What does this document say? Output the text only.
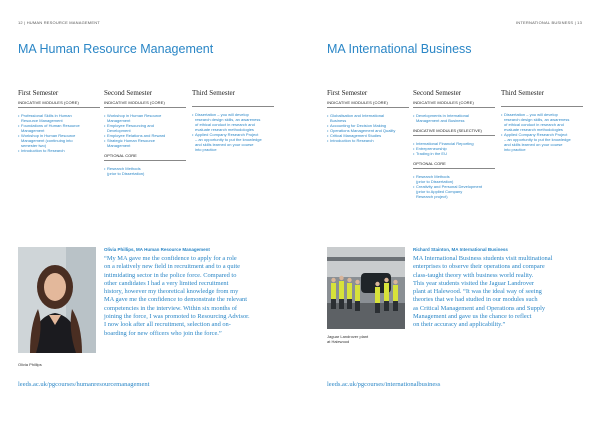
12 | HUMAN RESOURCE MANAGEMENT
MA Human Resource Management
First Semester
INDICATIVE MODULES (CORE)
• Professional Skills in Human
Resource Management
• Foundations of Human Resource
Management
• Workshop in Human Resource
Management (continuing into
semester two)
• Introduction to Research
Second Semester
INDICATIVE MODULES (CORE)
• Workshop in Human Resource
Management
• Employee Resourcing and
Development
• Employee Relations and Reward
• Strategic Human Resource
Management
OPTIONAL CORE
• Research Methods
(prior to Dissertation)
Third Semester
• Dissertation – you will develop
research design skills, an awareness
of ethical conduct in research and
evaluate research methodologies
• Applied Company Research Project
– an opportunity to put the knowledge
and skills learned on your course
into practice
Olivia Phillips
Olivia Phillips, MA Human Resource Management
“My MA gave me the confidence to apply for a role
on a relatively new field in recruitment and to a quite
intimidating sector in the police force. Compared to
other candidates I had a very limited recruitment
history, however my theoretical knowledge from my
MA gave me the confidence to demonstrate the relevant
competencies in the interview. Within six months of
joining the force, I was promoted to Resourcing Advisor.
I now look after all recruitment, selection and on-
boarding for new officers who join the force.”
leeds.ac.uk/pgcourses/humanresourcemanagement
INTERNATIONAL BUSINESS | 13
MA International Business
First Semester
INDICATIVE MODULES (CORE)
• Globalisation and International
Business
• Accounting for Decision Making
• Operations Management and Quality
• Critical Management Studies
• Introduction to Research
Second Semester
INDICATIVE MODULES (CORE)
• Developments in International
Management and Business
INDICATIVE MODULES (SELECTIVE)
• International Financial Reporting
• Entrepreneurship
• Trading in the EU
OPTIONAL CORE
• Research Methods
(prior to Dissertation)
• Creativity and Personal Development
(prior to Applied Company
Research project)
Third Semester
• Dissertation – you will develop
research design skills, an awareness
of ethical conduct in research and
evaluate research methodologies
• Applied Company Research Project
– an opportunity to put the knowledge
and skills learned on your course
into practice
Jaguar Landrover plant
at Halewood
Richard Stainton, MA International Business
MA International Business students visit multinational
enterprises to observe their operations and compare
class-taught theory with business world reality.
This year students visited the Jaguar Landrover
plant at Halewood. “It was the ideal way of seeing
theories that we had studied in our modules such
as Critical Management and Operations and Supply
Management and gave us the chance to reflect
on their accuracy and applicability.”
leeds.ac.uk/pgcourses/internationalbusiness
